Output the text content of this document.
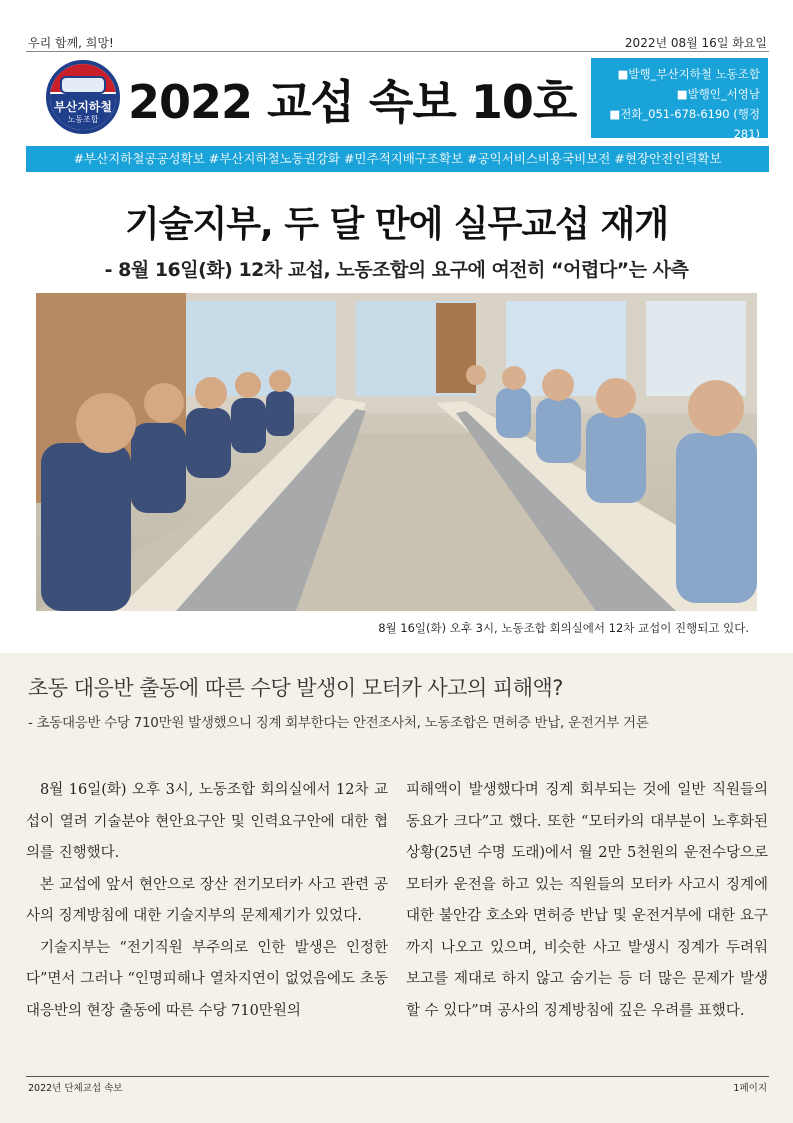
우리 함께, 희망!	2022년 08월 16일 화요일
부산지하철
노동조합 2022 교섭 속보 10호
■발행_부산지하철 노동조합
■발행인_서영남
■전화_051-678-6190 (행정281)
#부산지하철공공성확보 #부산지하철노동권강화 #민주적지배구조확보 #공익서비스비용국비보전 #현장안전인력확보
기술지부, 두 달 만에 실무교섭 재개
- 8월 16일(화) 12차 교섭, 노동조합의 요구에 여전히 “어렵다”는 사측
8월 16일(화) 오후 3시, 노동조합 회의실에서 12차 교섭이 진행되고 있다.
초동 대응반 출동에 따른 수당 발생이 모터카 사고의 피해액?
- 초동대응반 수당 710만원 발생했으니 징계 회부한다는 안전조사처, 노동조합은 면허증 반납, 운전거부 거론

8월 16일(화) 오후 3시, 노동조합 회의실에서 12차 교섭이 열려 기술분야 현안요구안 및 인력요구안에 대한 협의를 진행했다.

본 교섭에 앞서 현안으로 장산 전기모터카 사고 관련 공사의 징계방침에 대한 기술지부의 문제제기가 있었다.

기술지부는 “전기직원 부주의로 인한 발생은 인정한다”면서 그러나 “인명피해나 열차지연이 없었음에도 초동 대응반의 현장 출동에 따른 수당 710만원의

피해액이 발생했다며 징계 회부되는 것에 일반 직원들의 동요가 크다”고 했다. 또한 “모터카의 대부분이 노후화된 상황(25년 수명 도래)에서 월 2만 5천원의 운전수당으로 모터카 운전을 하고 있는 직원들의 모터카 사고시 징계에 대한 불안감 호소와 면허증 반납 및 운전거부에 대한 요구까지 나오고 있으며, 비슷한 사고 발생시 징계가 두려워 보고를 제대로 하지 않고 숨기는 등 더 많은 문제가 발생할 수 있다”며 공사의 징계방침에 깊은 우려를 표했다.

2022년 단체교섭 속보	1페이지
